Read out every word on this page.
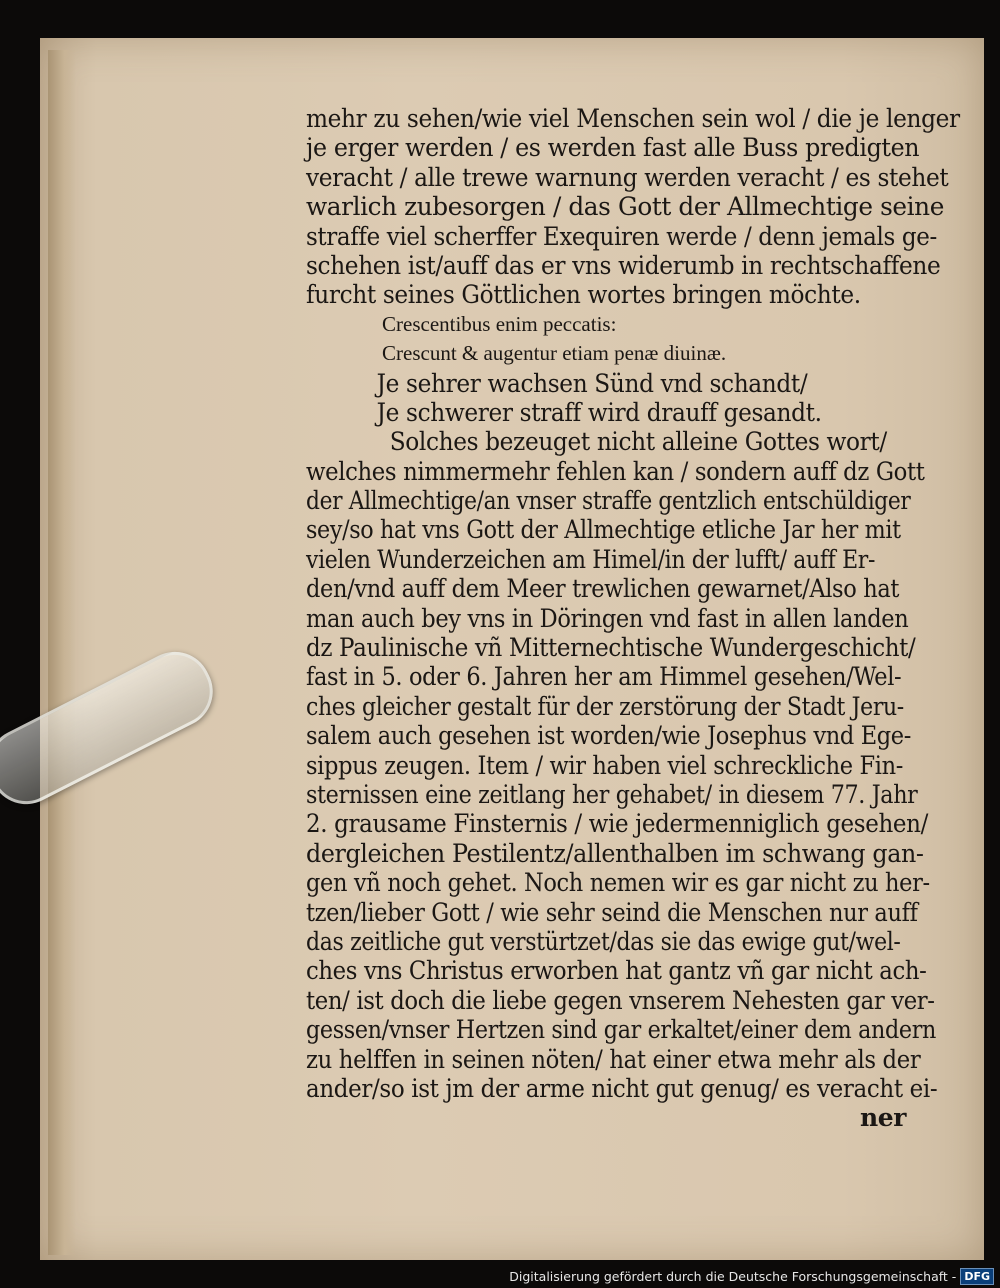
mehr zu sehen/wie viel Menschen sein wol / die je lenger
je erger werden / es werden fast alle Buss predigten
veracht / alle trewe warnung werden veracht / es stehet
warlich zubesorgen / das Gott der Allmechtige seine
straffe viel scherffer Exequiren werde / denn jemals ge-
schehen ist/auff das er vns widerumb in rechtschaffene
furcht seines Göttlichen wortes bringen möchte.
Crescentibus enim peccatis:
Crescunt & augentur etiam penæ diuinæ.
Je sehrer wachsen Sünd vnd schandt/
Je schwerer straff wird drauff gesandt.
Solches bezeuget nicht alleine Gottes wort/
welches nimmermehr fehlen kan / sondern auff dz Gott
der Allmechtige/an vnser straffe gentzlich entschüldiger
sey/so hat vns Gott der Allmechtige etliche Jar her mit
vielen Wunderzeichen am Himel/in der lufft/ auff Er-
den/vnd auff dem Meer trewlichen gewarnet/Also hat
man auch bey vns in Döringen vnd fast in allen landen
dz Paulinische vñ Mitternechtische Wundergeschicht/
fast in 5. oder 6. Jahren her am Himmel gesehen/Wel-
ches gleicher gestalt für der zerstörung der Stadt Jeru-
salem auch gesehen ist worden/wie Josephus vnd Ege-
sippus zeugen. Item / wir haben viel schreckliche Fin-
sternissen eine zeitlang her gehabet/ in diesem 77. Jahr
2. grausame Finsternis / wie jedermenniglich gesehen/
dergleichen Pestilentz/allenthalben im schwang gan-
gen vñ noch gehet. Noch nemen wir es gar nicht zu her-
tzen/lieber Gott / wie sehr seind die Menschen nur auff
das zeitliche gut verstürtzet/das sie das ewige gut/wel-
ches vns Christus erworben hat gantz vñ gar nicht ach-
ten/ ist doch die liebe gegen vnserem Nehesten gar ver-
gessen/vnser Hertzen sind gar erkaltet/einer dem andern
zu helffen in seinen nöten/ hat einer etwa mehr als der
ander/so ist jm der arme nicht gut genug/ es veracht ei-
ner
Digitalisierung gefördert durch die Deutsche Forschungsgemeinschaft - DFG
